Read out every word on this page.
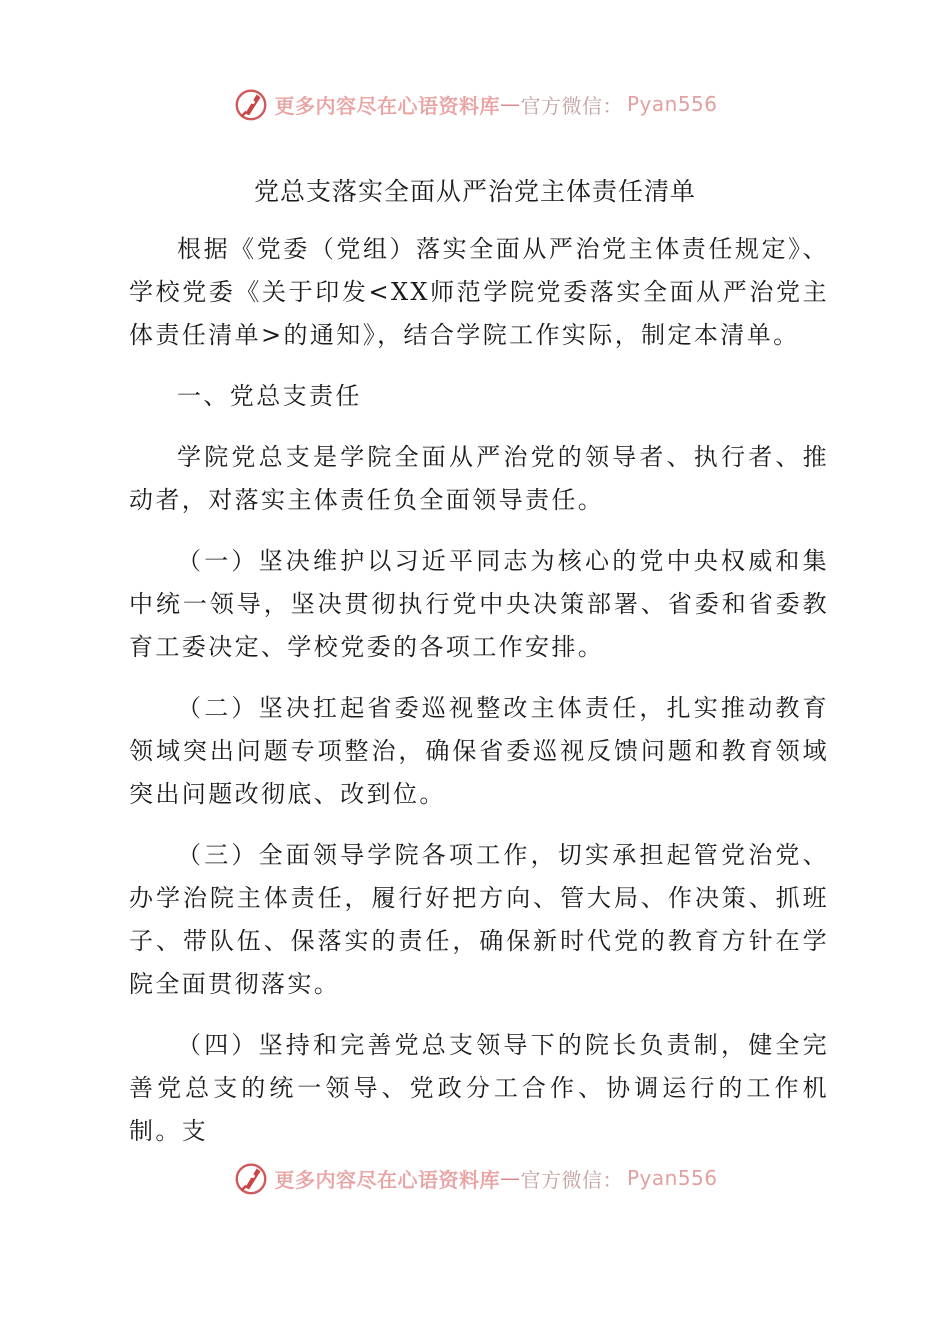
更多内容尽在心语资料库 — 官方微信： Pyan556
党总支落实全面从严治党主体责任清单

根据《党委（党组）落实全面从严治党主体责任规定》、学校党委《关于印发<XX师范学院党委落实全面从严治党主体责任清单>的通知》，结合学院工作实际，制定本清单。

一、党总支责任

学院党总支是学院全面从严治党的领导者、执行者、推动者，对落实主体责任负全面领导责任。

（一）坚决维护以习近平同志为核心的党中央权威和集中统一领导，坚决贯彻执行党中央决策部署、省委和省委教育工委决定、学校党委的各项工作安排。

（二）坚决扛起省委巡视整改主体责任，扎实推动教育领域突出问题专项整治，确保省委巡视反馈问题和教育领域突出问题改彻底、改到位。

（三）全面领导学院各项工作，切实承担起管党治党、办学治院主体责任，履行好把方向、管大局、作决策、抓班子、带队伍、保落实的责任，确保新时代党的教育方针在学院全面贯彻落实。

（四）坚持和完善党总支领导下的院长负责制，健全完善党总支的统一领导、党政分工合作、协调运行的工作机制。支

更多内容尽在心语资料库 — 官方微信： Pyan556
